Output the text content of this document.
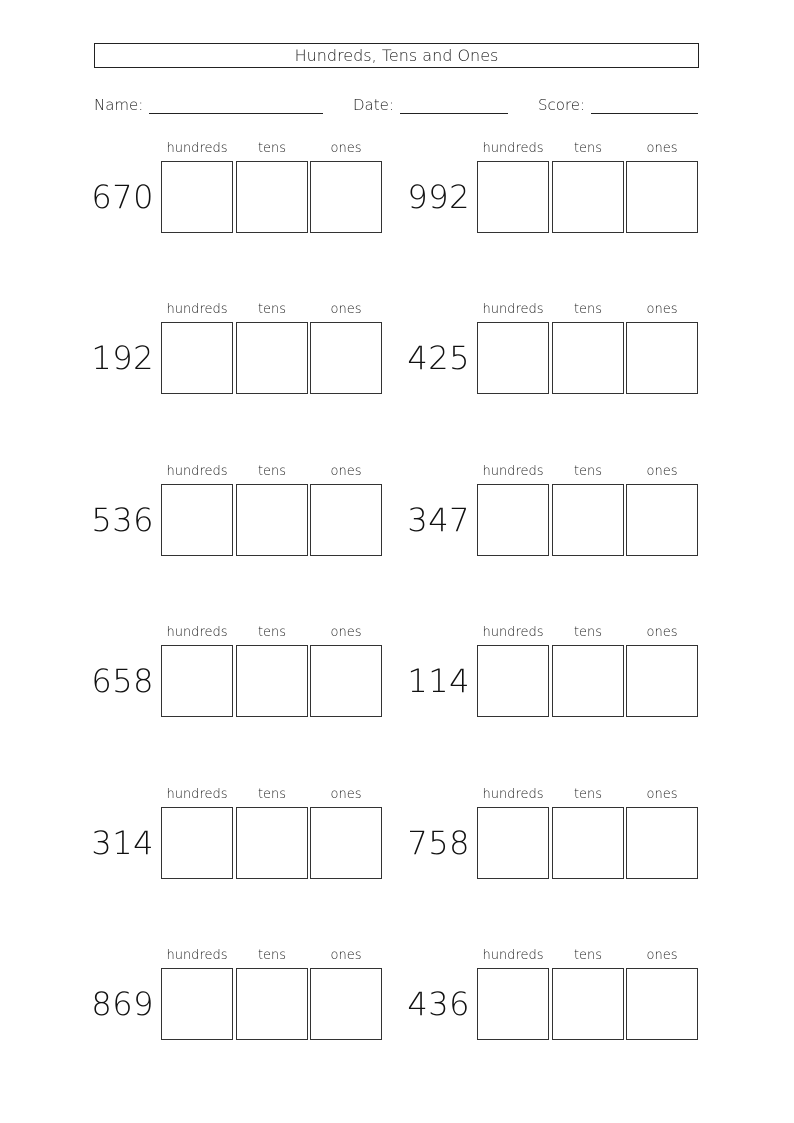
Hundreds, Tens and Ones
Name:	Date:	Score:
670
hundreds	tens	ones
992
hundreds	tens	ones
192
hundreds	tens	ones
425
hundreds	tens	ones
536
hundreds	tens	ones
347
hundreds	tens	ones
658
hundreds	tens	ones
114
hundreds	tens	ones
314
hundreds	tens	ones
758
hundreds	tens	ones
869
hundreds	tens	ones
436
hundreds	tens	ones
